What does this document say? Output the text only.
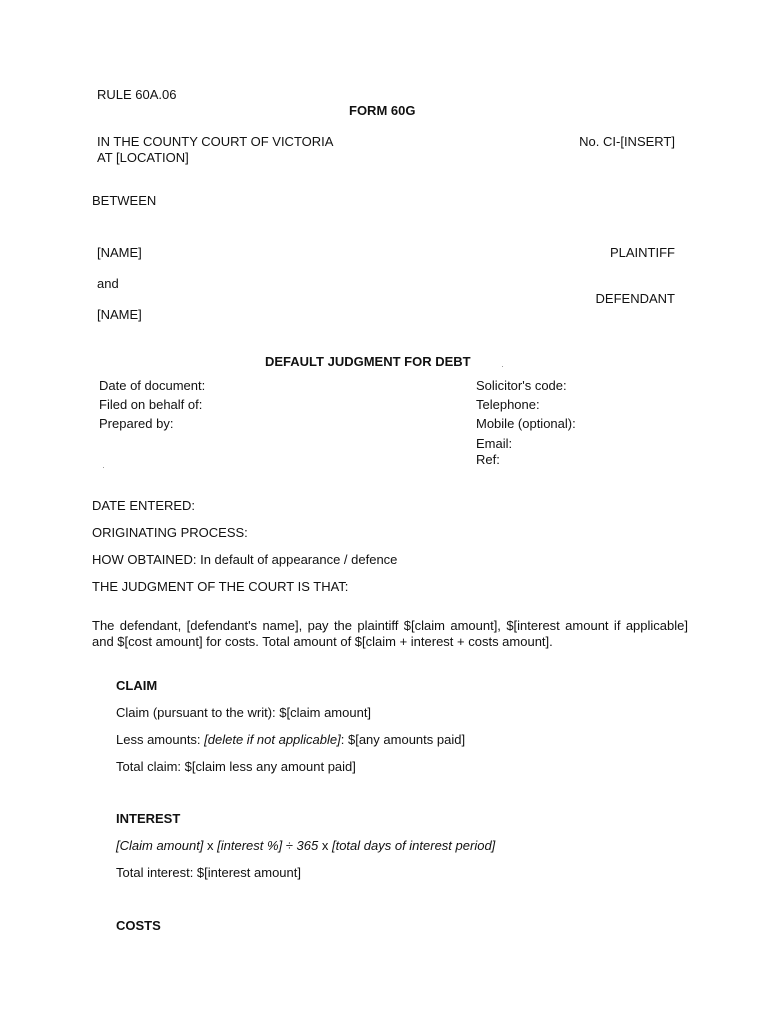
RULE 60A.06
FORM 60G
IN THE COUNTY COURT OF VICTORIA
AT [LOCATION]
No. CI-[INSERT]
BETWEEN
[NAME]	PLAINTIFF
and
DEFENDANT
[NAME]
DEFAULT JUDGMENT FOR DEBT
Date of document:
Filed on behalf of:
Prepared by:
Solicitor's code:
Telephone:
Mobile (optional):
Email:
Ref:
DATE ENTERED:
ORIGINATING PROCESS:
HOW OBTAINED: In default of appearance / defence
THE JUDGMENT OF THE COURT IS THAT:
The defendant, [defendant's name], pay the plaintiff $[claim amount], $[interest amount if applicable] and $[cost amount] for costs. Total amount of $[claim + interest + costs amount].
CLAIM
Claim (pursuant to the writ): $[claim amount]
Less amounts: [delete if not applicable]: $[any amounts paid]
Total claim: $[claim less any amount paid]
INTEREST
[Claim amount] x [interest %] ÷ 365 x [total days of interest period]
Total interest: $[interest amount]
COSTS
